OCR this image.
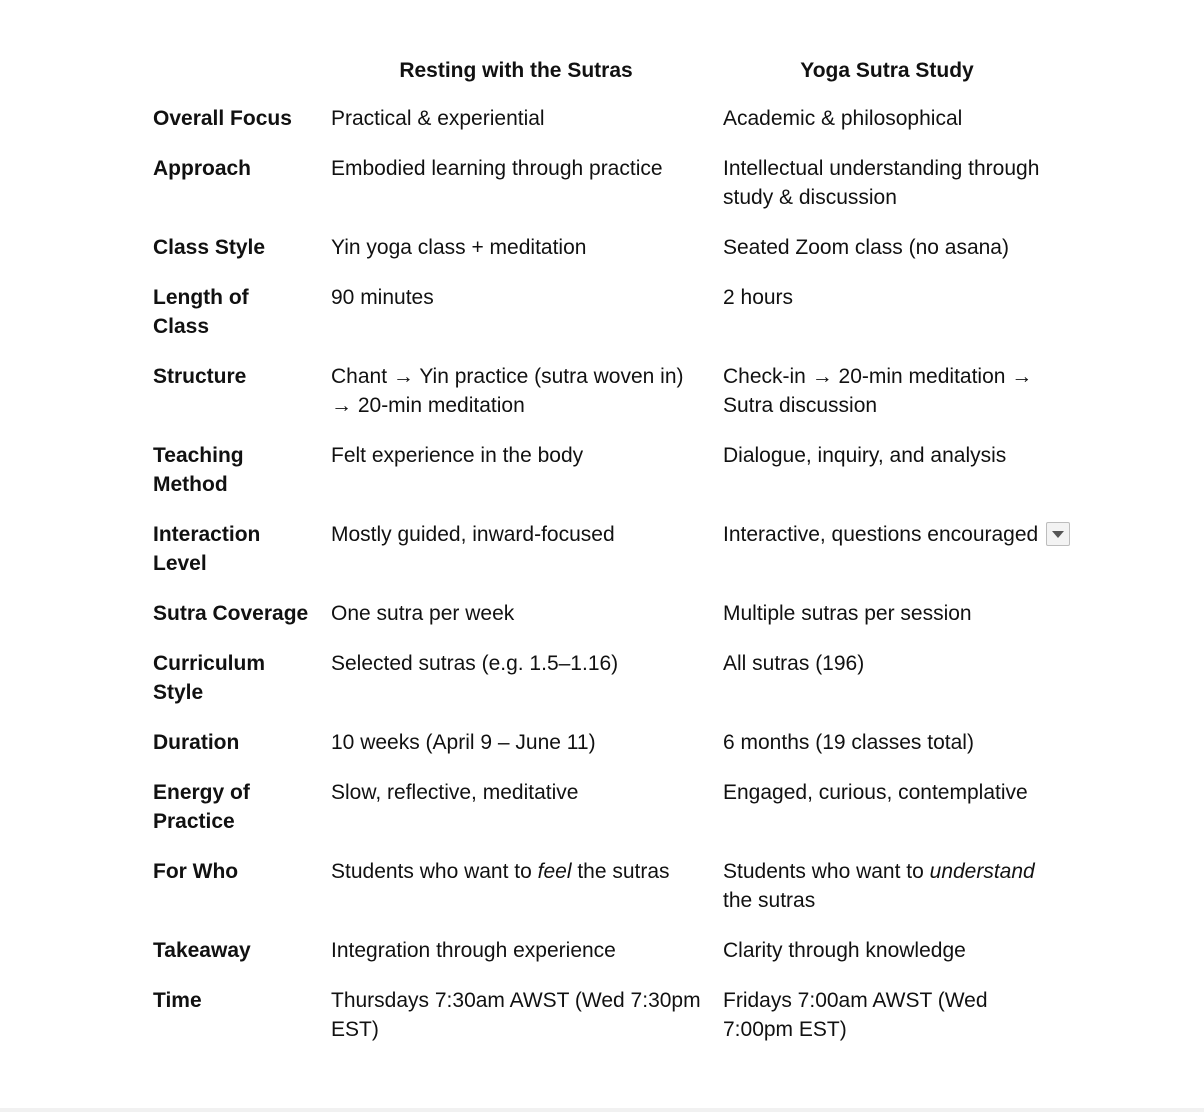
	Resting with the Sutras	Yoga Sutra Study
Overall Focus	Practical & experiential	Academic & philosophical
Approach	Embodied learning through practice	Intellectual understanding through study & discussion
Class Style	Yin yoga class + meditation	Seated Zoom class (no asana)
Length of Class	90 minutes	2 hours
Structure	Chant → Yin practice (sutra woven in) → 20-min meditation	Check-in → 20-min meditation → Sutra discussion
Teaching Method	Felt experience in the body	Dialogue, inquiry, and analysis
Interaction Level	Mostly guided, inward-focused	Interactive, questions encouraged
Sutra Coverage	One sutra per week	Multiple sutras per session
Curriculum Style	Selected sutras (e.g. 1.5–1.16)	All sutras (196)
Duration	10 weeks (April 9 – June 11)	6 months (19 classes total)
Energy of Practice	Slow, reflective, meditative	Engaged, curious, contemplative
For Who	Students who want to feel the sutras	Students who want to understand the sutras
Takeaway	Integration through experience	Clarity through knowledge
Time	Thursdays 7:30am AWST (Wed 7:30pm EST)	Fridays 7:00am AWST (Wed 7:00pm EST)
